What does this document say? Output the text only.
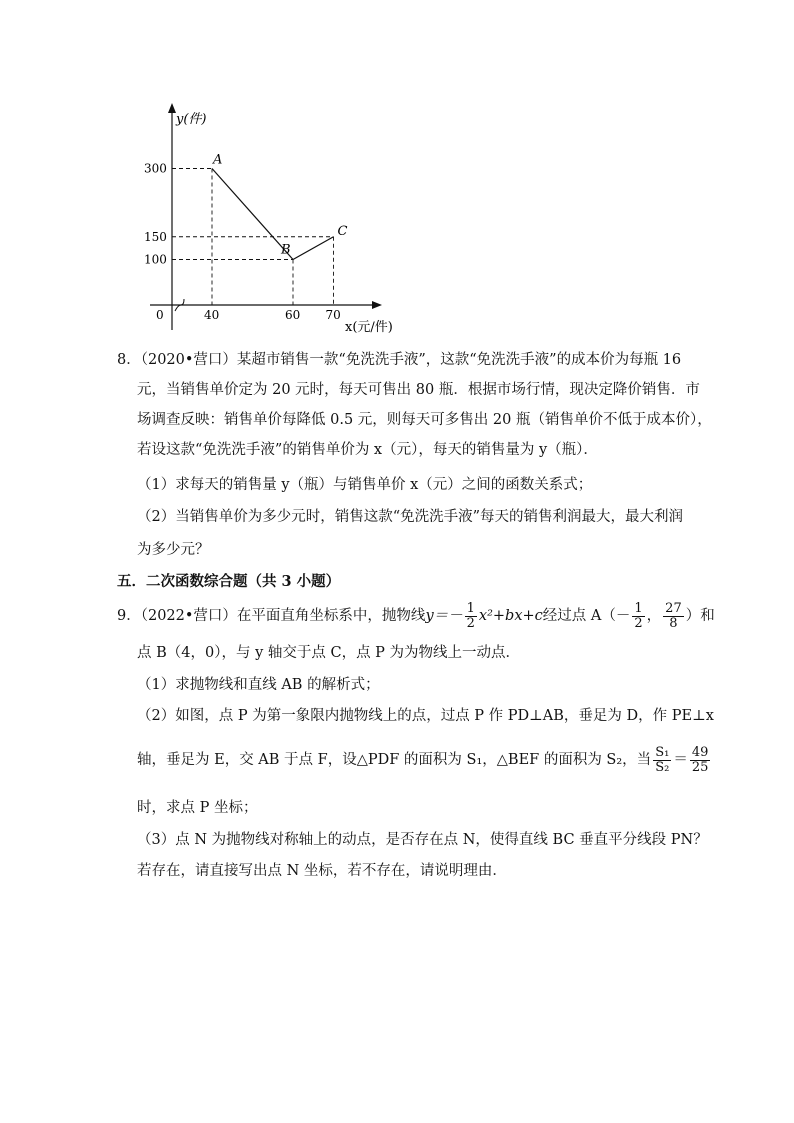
y(件)
x(元/件)
0
A
B
C
40	60 70
300
150
100
8．（2020•营口）某超市销售一款“免洗洗手液”，这款“免洗洗手液”的成本价为每瓶 16
元，当销售单价定为 20 元时，每天可售出 80 瓶．根据市场行情，现决定降价销售．市
场调查反映：销售单价每降低 0.5 元，则每天可多售出 20 瓶（销售单价不低于成本价），
若设这款“免洗洗手液”的销售单价为 x（元），每天的销售量为 y（瓶）．
（1）求每天的销售量 y（瓶）与销售单价 x（元）之间的函数关系式；
（2）当销售单价为多少元时，销售这款“免洗洗手液”每天的销售利润最大，最大利润
为多少元？
五．二次函数综合题（共 3 小题）
9．（2022•营口）在平面直角坐标系中，抛物线 $y=- \frac{1}{2} x^2+bx+c$ 经过点 $A(- \frac{1}{2}$ ， $\frac{27}{8}$ ）和
点 B（4，0），与 y 轴交于点 C，点 P 为为物线上一动点．
（1）求抛物线和直线 AB 的解析式；
（2）如图，点 P 为第一象限内抛物线上的点，过点 P 作 PD⊥AB，垂足为 D，作 PE⊥x
轴，垂足为 E，交 AB 于点 F，设△PDF 的面积为 S₁，△BEF 的面积为 S₂，当 $\frac{\text{S₁}}{\text{S₂}} = \frac{49}{25}$
时，求点 P 坐标；
（3）点 N 为抛物线对称轴上的动点，是否存在点 N，使得直线 BC 垂直平分线段 PN？
若存在，请直接写出点 N 坐标，若不存在，请说明理由．
